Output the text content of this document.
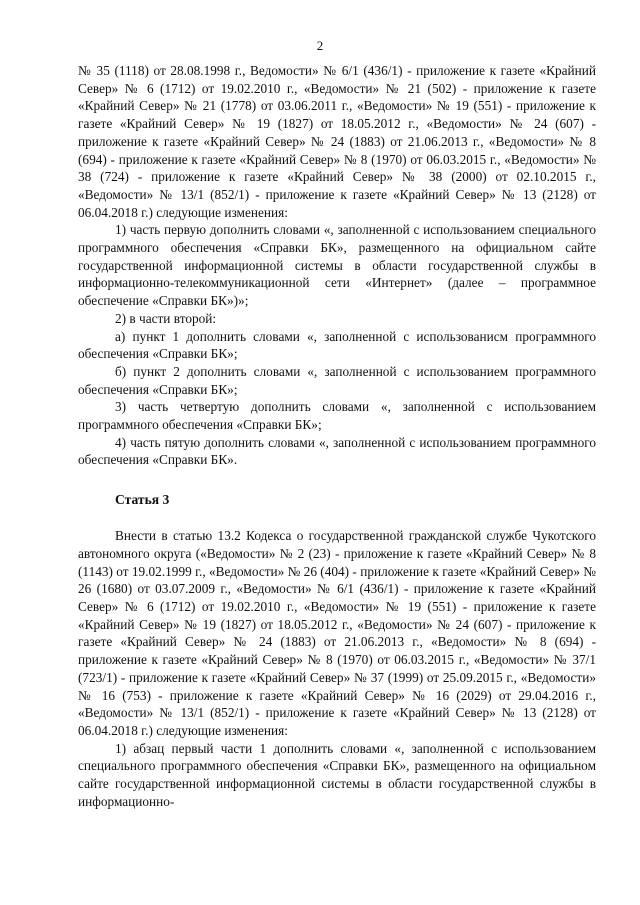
2

№ 35 (1118) от 28.08.1998 г., Ведомости» № 6/1 (436/1) - приложение к газете «Крайний Север» № 6 (1712) от 19.02.2010 г., «Ведомости» № 21 (502) - приложение к газете «Крайний Север» № 21 (1778) от 03.06.2011 г., «Ведомости» № 19 (551) - приложение к газете «Крайний Север» № 19 (1827) от 18.05.2012 г., «Ведомости» № 24 (607) - приложение к газете «Крайний Север» № 24 (1883) от 21.06.2013 г., «Ведомости» № 8 (694) - приложение к газете «Крайний Север» № 8 (1970) от 06.03.2015 г., «Ведомости» № 38 (724) - приложение к газете «Крайний Север» № 38 (2000) от 02.10.2015 г., «Ведомости» № 13/1 (852/1) - приложение к газете «Крайний Север» № 13 (2128) от 06.04.2018 г.) следующие изменения:

1) часть первую дополнить словами «, заполненной с использованием специального программного обеспечения «Справки БК», размещенного на официальном сайте государственной информационной системы в области государственной службы в информационно-телекоммуникационной сети «Интернет» (далее – программное обеспечение «Справки БК»)»;

2) в части второй:

а) пункт 1 дополнить словами «, заполненной с использованисм программного обеспечения «Справки БК»;

б) пункт 2 дополнить словами «, заполненной с использованием программного обеспечения «Справки БК»;

3) часть четвертую дополнить словами «, заполненной с использованием программного обеспечения «Справки БК»;

4) часть пятую дополнить словами «, заполненной с использованием программного обеспечения «Справки БК».

Статья 3

Внести в статью 13.2 Кодекса о государственной гражданской службе Чукотского автономного округа («Ведомости» № 2 (23) - приложение к газете «Крайний Север» № 8 (1143) от 19.02.1999 г., «Ведомости» № 26 (404) - приложение к газете «Крайний Север» № 26 (1680) от 03.07.2009 г., «Ведомости» № 6/1 (436/1) - приложение к газете «Крайний Север» № 6 (1712) от 19.02.2010 г., «Ведомости» № 19 (551) - приложение к газете «Крайний Север» № 19 (1827) от 18.05.2012 г., «Ведомости» № 24 (607) - приложение к газете «Крайний Север» № 24 (1883) от 21.06.2013 г., «Ведомости» № 8 (694) - приложение к газете «Крайний Север» № 8 (1970) от 06.03.2015 г., «Ведомости» № 37/1 (723/1) - приложение к газете «Крайний Север» № 37 (1999) от 25.09.2015 г., «Ведомости» № 16 (753) - приложение к газете «Крайний Север» № 16 (2029) от 29.04.2016 г., «Ведомости» № 13/1 (852/1) - приложение к газете «Крайний Север» № 13 (2128) от 06.04.2018 г.) следующие изменения:

1) абзац первый части 1 дополнить словами «, заполненной с использованием специального программного обеспечения «Справки БК», размещенного на официальном сайте государственной информационной системы в области государственной службы в информационно-
